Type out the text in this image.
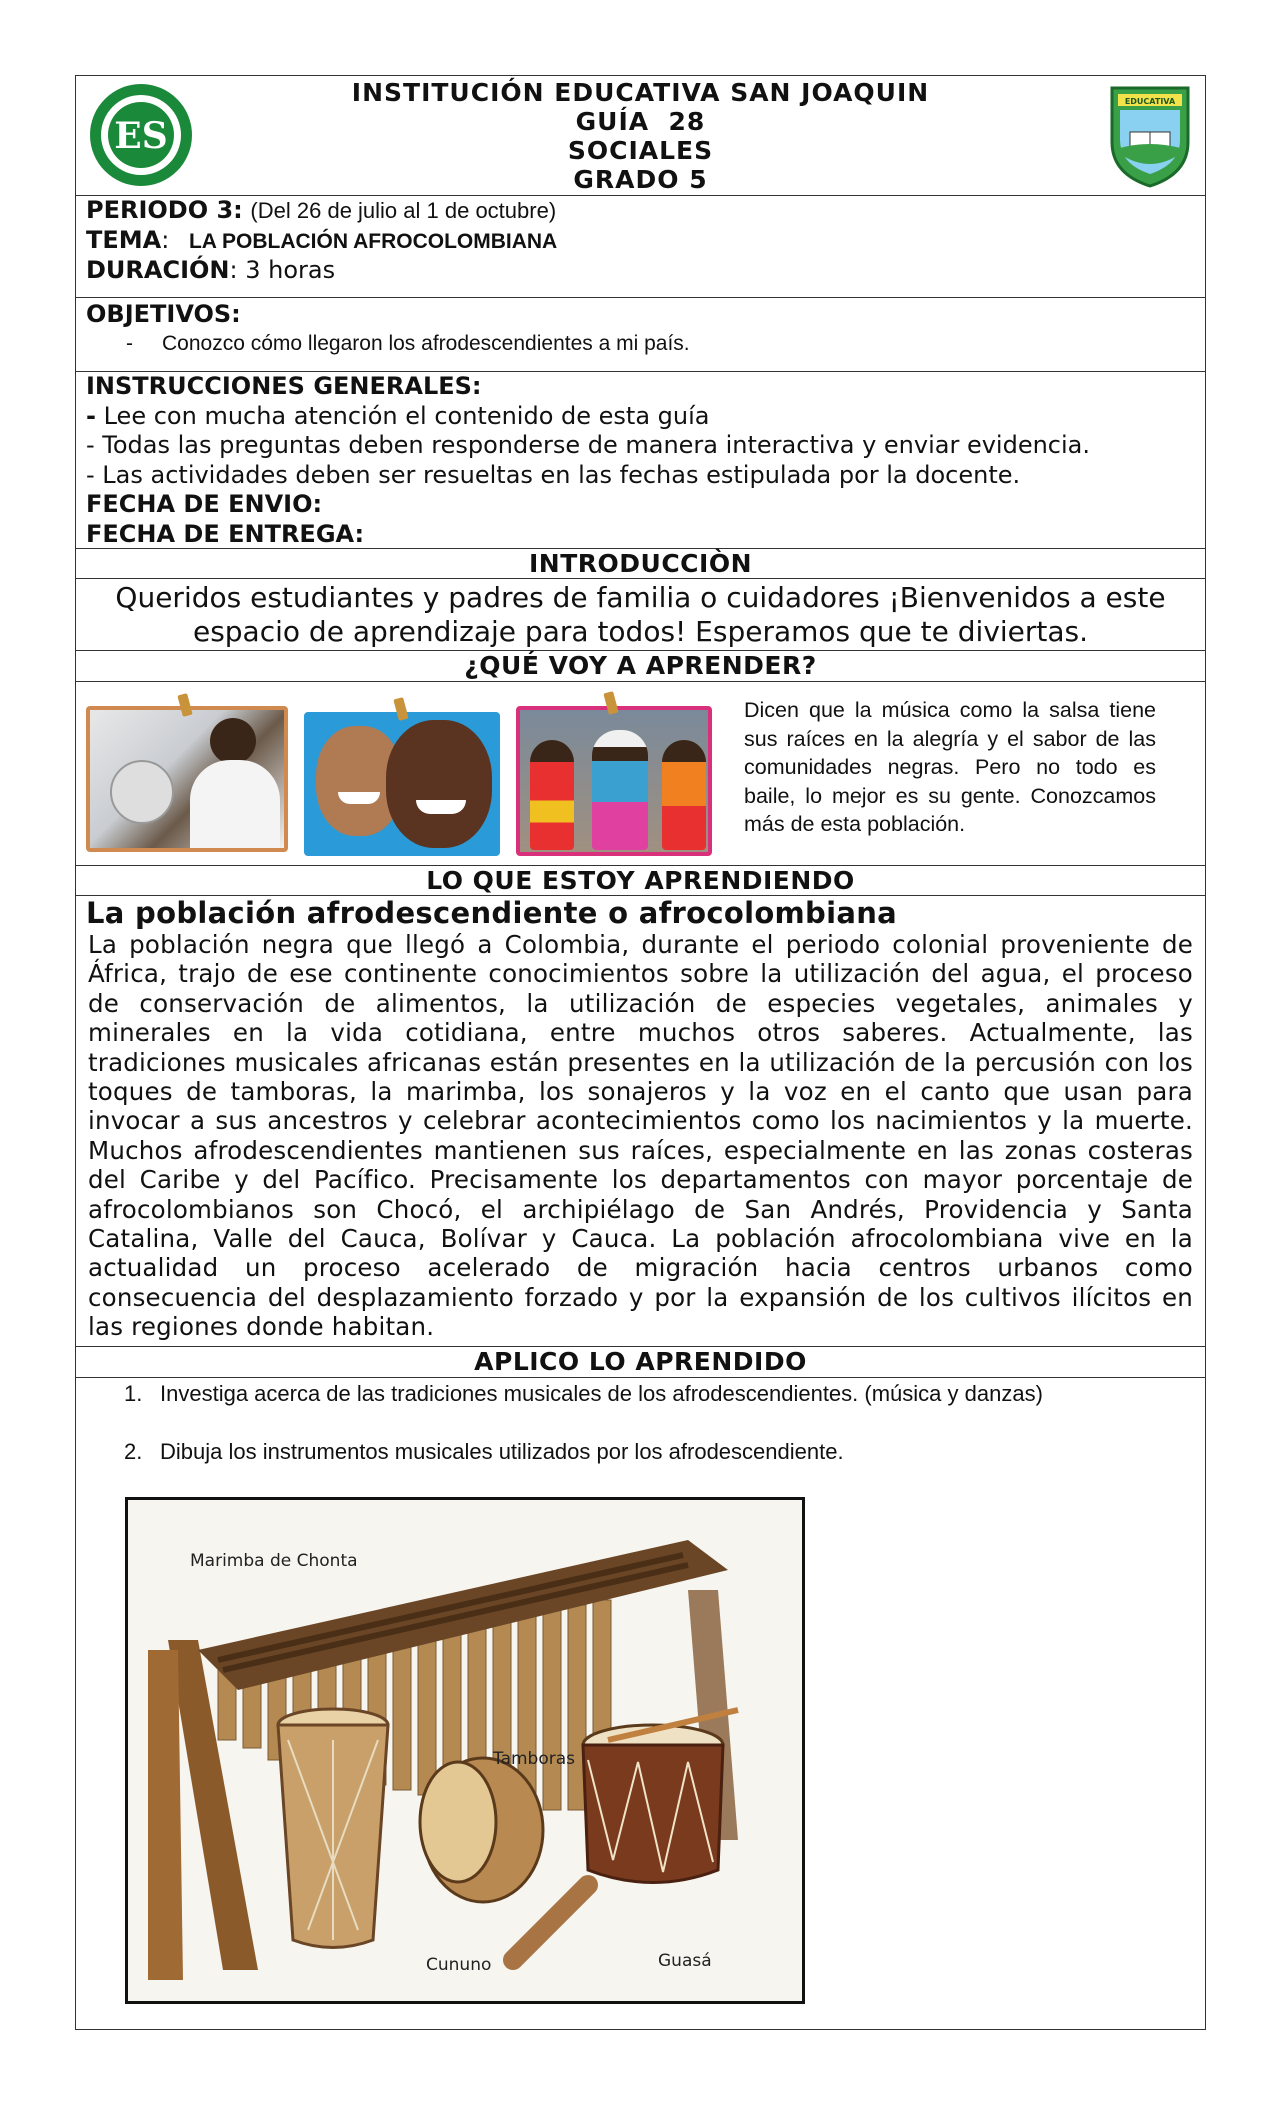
ES
INSTITUCIÓN EDUCATIVA SAN JOAQUIN
GUÍA  28
SOCIALES
GRADO 5
EDUCATIVA
PERIODO 3: (Del 26 de julio al 1 de octubre)
TEMA: LA POBLACIÓN AFROCOLOMBIANA
DURACIÓN: 3 horas
OBJETIVOS:
- Conozco cómo llegaron los afrodescendientes a mi país.
INSTRUCCIONES GENERALES:
- Lee con mucha atención el contenido de esta guía
- Todas las preguntas deben responderse de manera interactiva y enviar evidencia.
- Las actividades deben ser resueltas en las fechas estipulada por la docente.
FECHA DE ENVIO:
FECHA DE ENTREGA:
INTRODUCCIÒN
Queridos estudiantes y padres de familia o cuidadores ¡Bienvenidos a este espacio de aprendizaje para todos! Esperamos que te diviertas.
¿QUÉ VOY A APRENDER?
Dicen que la música como la salsa tiene sus raíces en la alegría y el sabor de las comunidades negras. Pero no todo es baile, lo mejor es su gente. Conozcamos más de esta población.
LO QUE ESTOY APRENDIENDO
La población afrodescendiente o afrocolombiana

La población negra que llegó a Colombia, durante el periodo colonial proveniente de África, trajo de ese continente conocimientos sobre la utilización del agua, el proceso de conservación de alimentos, la utilización de especies vegetales, animales y minerales en la vida cotidiana, entre muchos otros saberes. Actualmente, las tradiciones musicales africanas están presentes en la utilización de la percusión con los toques de tamboras, la marimba, los sonajeros y la voz en el canto que usan para invocar a sus ancestros y celebrar acontecimientos como los nacimientos y la muerte. Muchos afrodescendientes mantienen sus raíces, especialmente en las zonas costeras del Caribe y del Pacífico. Precisamente los departamentos con mayor porcentaje de afrocolombianos son Chocó, el archipiélago de San Andrés, Providencia y Santa Catalina, Valle del Cauca, Bolívar y Cauca. La población afrocolombiana vive en la actualidad un proceso acelerado de migración hacia centros urbanos como consecuencia del desplazamiento forzado y por la expansión de los cultivos ilícitos en las regiones donde habitan.

APLICO LO APRENDIDO
1. Investiga acerca de las tradiciones musicales de los afrodescendientes. (música y danzas)
2. Dibuja los instrumentos musicales utilizados por los afrodescendiente.
Marimba de Chonta
Tamboras
Cununo	Guasá
